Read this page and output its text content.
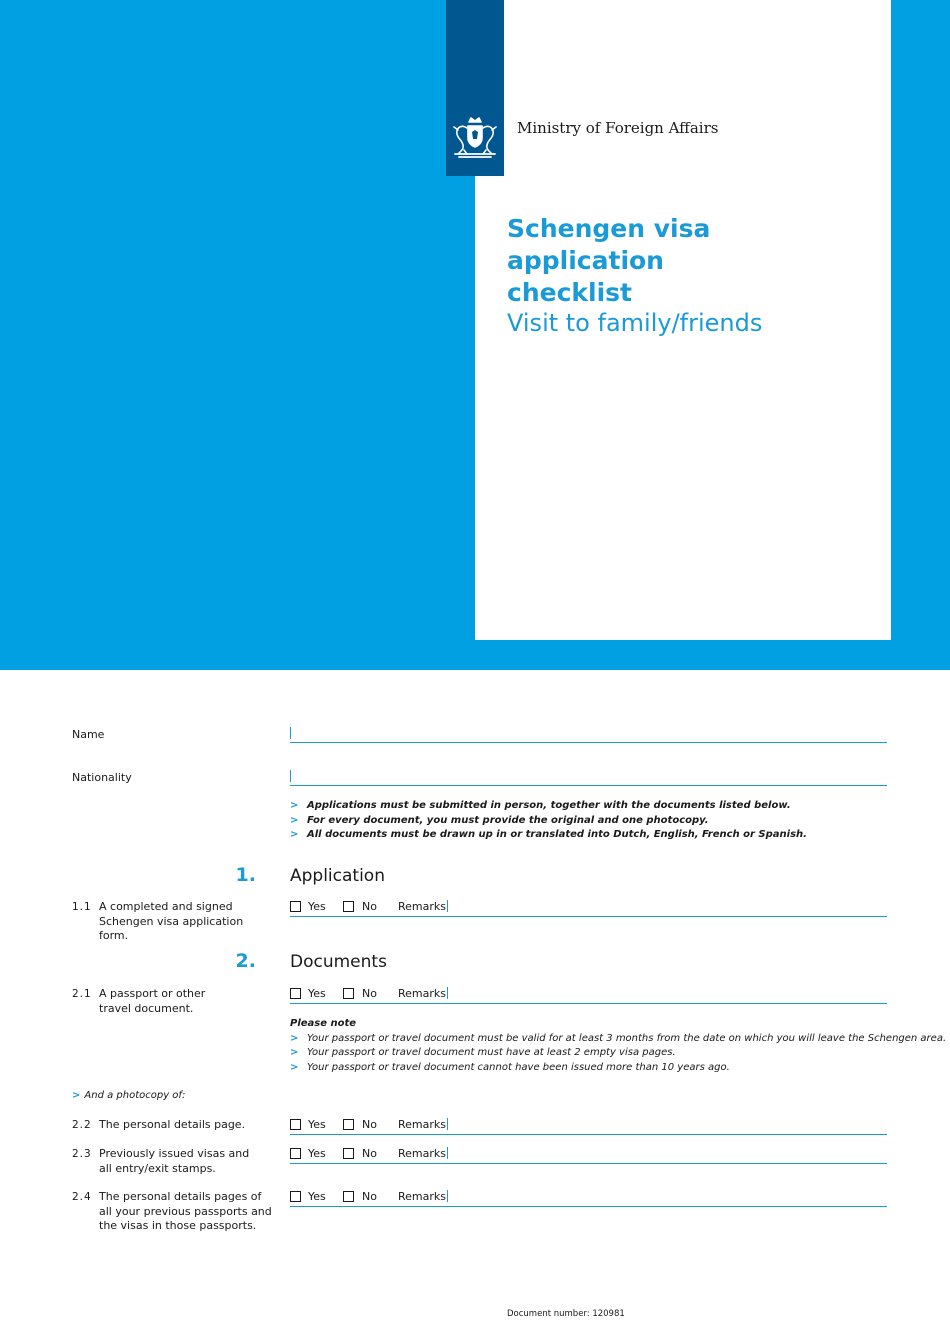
Ministry of Foreign Affairs
Schengen visa application
checklist
Visit to family/friends
Name
Nationality
> Applications must be submitted in person, together with the documents listed below.
> For every document, you must provide the original and one photocopy.
> All documents must be drawn up in or translated into Dutch, English, French or Spanish.
1. Application
1.1 A completed and signed
Schengen visa application form.
Yes	No Remarks
2. Documents
2.1 A passport or other
travel document.
Yes	No Remarks
Please note
> Your passport or travel document must be valid for at least 3 months from the date on which you will leave the Schengen area.
> Your passport or travel document must have at least 2 empty visa pages.
> Your passport or travel document cannot have been issued more than 10 years ago.
> And a photocopy of:
2.2 The personal details page.	Yes	No Remarks
2.3 Previously issued visas and
all entry/exit stamps.
Yes	No Remarks
2.4 The personal details pages of
all your previous passports and
the visas in those passports.
Yes	No Remarks
Document number: 120981
